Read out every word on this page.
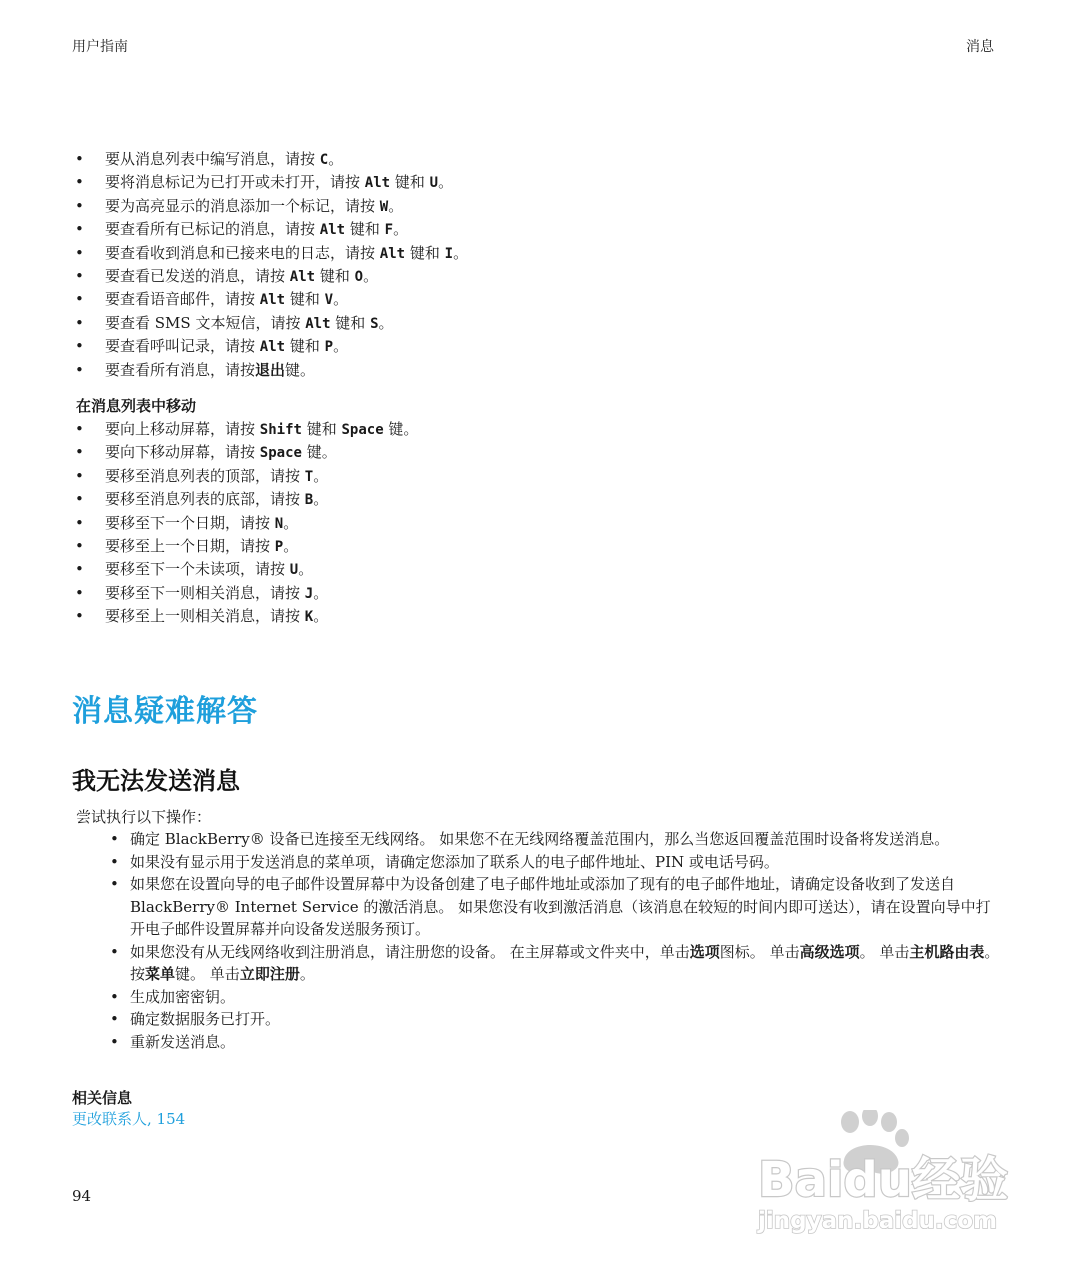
用户指南	消息
• 要从消息列表中编写消息，请按 C。
• 要将消息标记为已打开或未打开，请按 Alt 键和 U。
• 要为高亮显示的消息添加一个标记，请按 W。
• 要查看所有已标记的消息，请按 Alt 键和 F。
• 要查看收到消息和已接来电的日志，请按 Alt 键和 I。
• 要查看已发送的消息，请按 Alt 键和 O。
• 要查看语音邮件，请按 Alt 键和 V。
• 要查看 SMS 文本短信，请按 Alt 键和 S。
• 要查看呼叫记录，请按 Alt 键和 P。
• 要查看所有消息，请按退出键。
在消息列表中移动
• 要向上移动屏幕，请按 Shift 键和 Space 键。
• 要向下移动屏幕，请按 Space 键。
• 要移至消息列表的顶部，请按 T。
• 要移至消息列表的底部，请按 B。
• 要移至下一个日期，请按 N。
• 要移至上一个日期，请按 P。
• 要移至下一个未读项，请按 U。
• 要移至下一则相关消息，请按 J。
• 要移至上一则相关消息，请按 K。
消息疑难解答
我无法发送消息
尝试执行以下操作：
• 确定 BlackBerry® 设备已连接至无线网络。 如果您不在无线网络覆盖范围内，那么当您返回覆盖范围时设备将发送消息。
• 如果没有显示用于发送消息的菜单项，请确定您添加了联系人的电子邮件地址、PIN 或电话号码。
• 如果您在设置向导的电子邮件设置屏幕中为设备创建了电子邮件地址或添加了现有的电子邮件地址，请确定设备收到了发送自 BlackBerry® Internet Service 的激活消息。 如果您没有收到激活消息（该消息在较短的时间内即可送达），请在设置向导中打开电子邮件设置屏幕并向设备发送服务预订。
• 如果您没有从无线网络收到注册消息，请注册您的设备。 在主屏幕或文件夹中，单击选项图标。 单击高级选项。 单击主机路由表。 按菜单键。 单击立即注册。
• 生成加密密钥。
• 确定数据服务已打开。
• 重新发送消息。
相关信息
更改联系人, 154
94	Baidu经验
jingyan.baidu.com
